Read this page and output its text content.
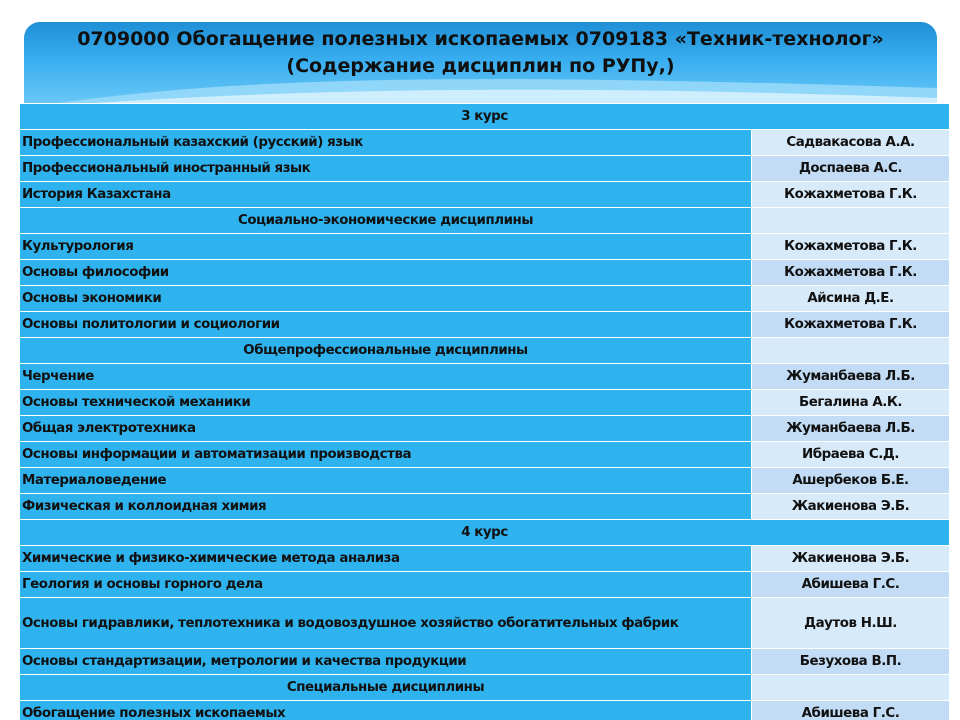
0709000 Обогащение полезных ископаемых 0709183 «Техник-технолог»
(Содержание дисциплин по РУПу,)
3 курс	
Профессиональный казахский (русский) язык	Садвакасова А.А.
Профессиональный иностранный язык	Доспаева А.С.
История Казахстана	Кожахметова Г.К.
Социально-экономические дисциплины	
Культурология	Кожахметова Г.К.
Основы философии	Кожахметова Г.К.
Основы экономики	Айсина Д.Е.
Основы политологии и социологии	Кожахметова Г.К.
Общепрофессиональные дисциплины	
Черчение	Жуманбаева Л.Б.
Основы технической механики	Бегалина А.К.
Общая электротехника	Жуманбаева Л.Б.
Основы информации и автоматизации производства	Ибраева С.Д.
Материаловедение	Ашербеков Б.Е.
Физическая и коллоидная химия	Жакиенова Э.Б.
4 курс	
Химические и физико-химические метода анализа	Жакиенова Э.Б.
Геология и основы горного дела	Абишева Г.С.
Основы гидравлики, теплотехника и водовоздушное хозяйство обогатительных фабрик	Даутов Н.Ш.
Основы стандартизации, метрологии и качества продукции	Безухова В.П.
Специальные дисциплины	
Обогащение полезных ископаемых	Абишева Г.С.
